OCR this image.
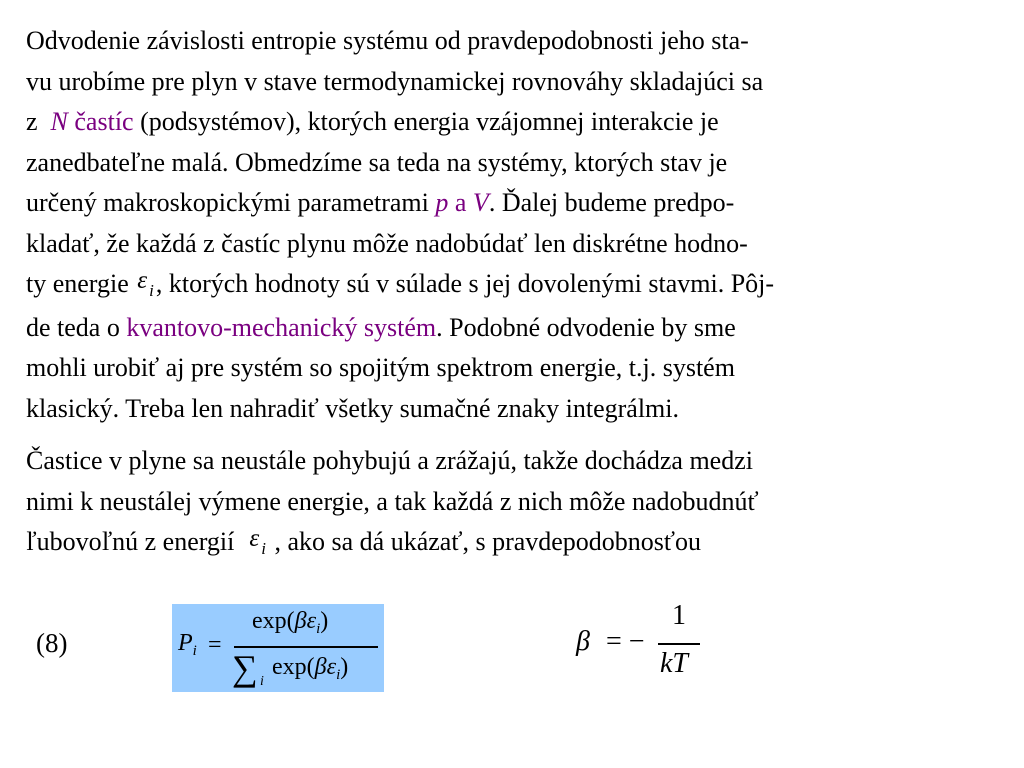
Odvodenie závislosti entropie systému od pravdepodobnosti jeho sta-
vu urobíme pre plyn v stave termodynamickej rovnováhy skladajúci sa
z N častíc (podsystémov), ktorých energia vzájomnej interakcie je
zanedbateľne malá. Obmedzíme sa teda na systémy, ktorých stav je
určený makroskopickými parametrami p a V. Ďalej budeme predpo-
kladať, že každá z častíc plynu môže nadobúdať len diskrétne hodno-
ty energie ε i, ktorých hodnoty sú v súlade s jej dovolenými stavmi. Pôj-
de teda o kvantovo-mechanický systém. Podobné odvodenie by sme
mohli urobiť aj pre systém so spojitým spektrom energie, t.j. systém
klasický. Treba len nahradiť všetky sumačné znaky integrálmi.
Častice v plyne sa neustále pohybujú a zrážajú, takže dochádza medzi
nimi k neustálej výmene energie, a tak každá z nich môže nadobudnúť
ľubovoľnú z energií ε i , ako sa dá ukázať, s pravdepodobnosťou
(8)	$P_i$ =
$\exp(\beta\varepsilon_i)$
∑ i
$\exp(\beta\varepsilon_i)$
β = −
1
kT
